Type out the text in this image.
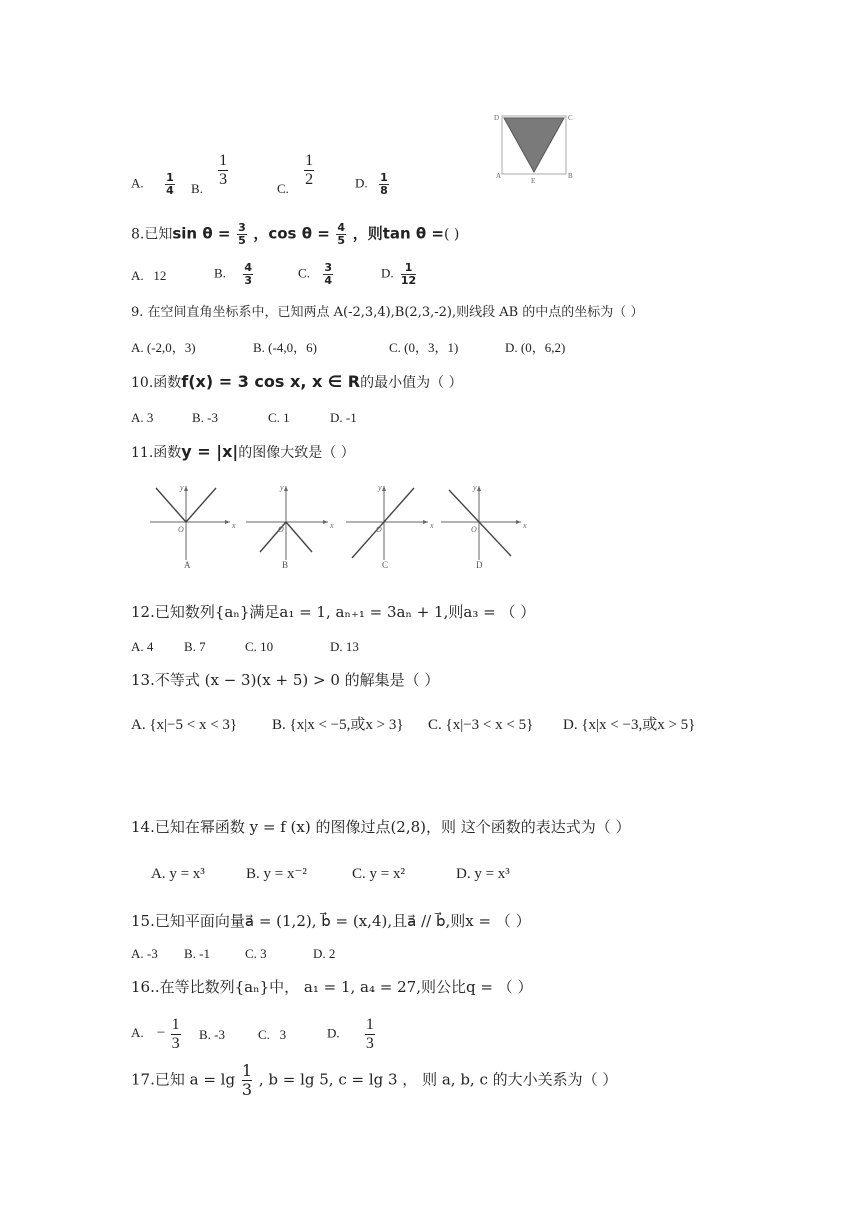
D	C
A
E
B
A. $\frac{1}{4} B$. $\frac{1}{3}$	C. $\frac{1}{2}$	D. $\frac{1}{8}$
8.已知$\sin \theta = \frac{3}{5}$ ，$\cos \theta = \frac{4}{5}$ ，则tan θ =( )
A. 12	B. $\frac{4}{3}$	C. $\frac{3}{4}$	D. $\frac{1}{12}$
9. 在空间直角坐标系中，已知两点 A(-2,3,4),B(2,3,-2),则线段 AB 的中点的坐标为（ ）
A. (-2,0，3)	B. (-4,0，6)	C. (0，3，1)	D. (0，6,2)
10.函数f(x) = 3 cos x, x ∈ R的最小值为（ ）
A. 3	B. -3	C. 1	D. -1
11.函数y = |x|的图像大致是（ ）
y
x
O
A
y
x
O
B
y
x
O
C
y
x
O
D
12.已知数列{aₙ}满足a₁ = 1, aₙ₊₁ = 3aₙ + 1,则a₃ = （ ）
A. 4 B. 7	C. 10	D. 13
13.不等式 (x − 3)(x + 5) > 0 的解集是（ ）
A. {x|−5 < x < 3} B. {x|x < −5,或x > 3} C. {x|−3 < x < 5} D. {x|x < −3,或x > 5}
14.已知在幂函数 y = f (x) 的图像过点(2,8)，则 这个函数的表达式为（ ）
A. y = x³	B. y = x⁻²	C. y = x²	D. y = x³
15.已知平面向量a⃗ = (1,2), b⃗ = (x,4),且a⃗ // b⃗,则x = （ ）
A. -3 B. -1	C. 3	D. 2
16..在等比数列{aₙ}中， a₁ = 1, a₄ = 27,则公比q = （ ）
A. − $\frac{1}{3} B$. -3	C. 3	D. $\frac{1}{3}$
17.已知 $a = \lg \frac{1}{3}$ , b = lg 5, c = lg 3 ， 则 a, b, c 的大小关系为（ ）
